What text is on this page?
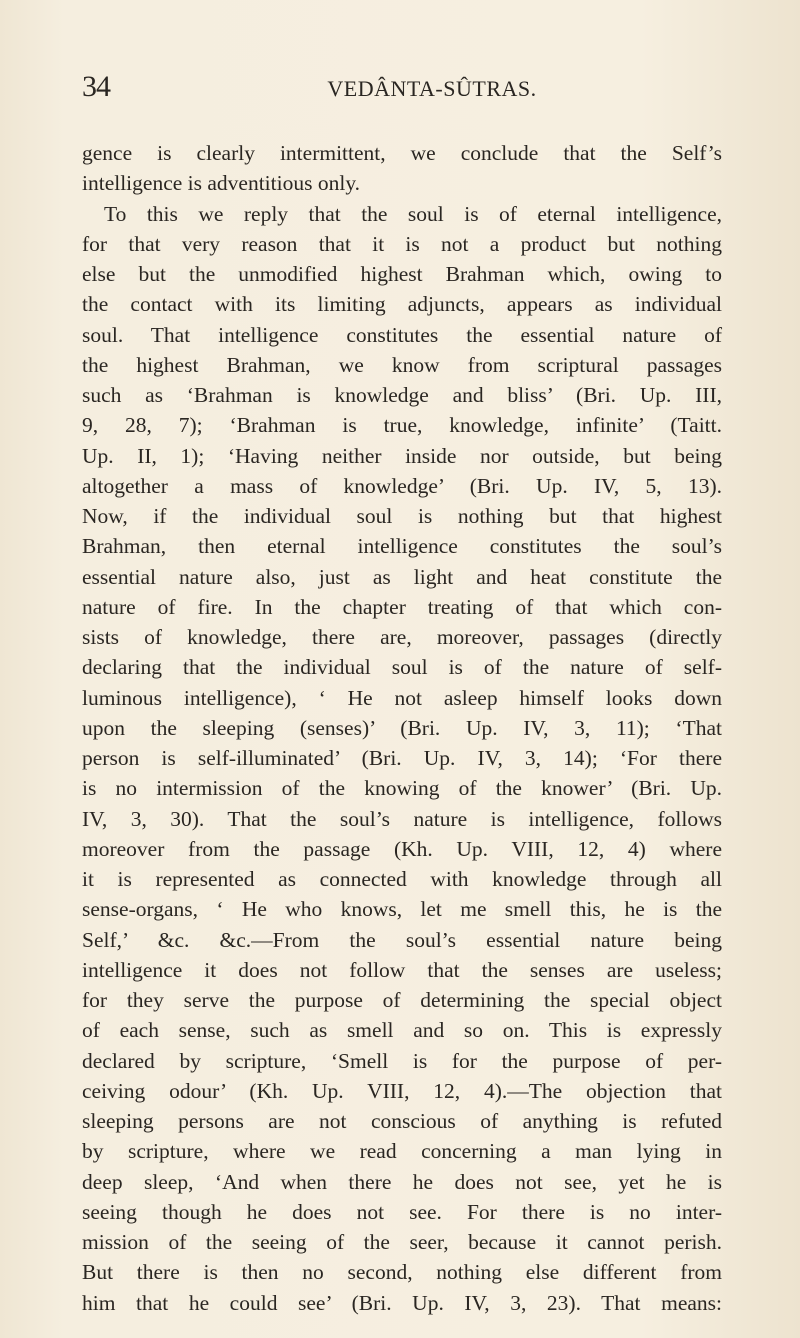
34	VEDÂNTA-SÛTRAS.
gence is clearly intermittent, we conclude that the Self’s
intelligence is adventitious only.
To this we reply that the soul is of eternal intelligence,
for that very reason that it is not a product but nothing
else but the unmodified highest Brahman which, owing to
the contact with its limiting adjuncts, appears as individual
soul. That intelligence constitutes the essential nature of
the highest Brahman, we know from scriptural passages
such as ‘Brahman is knowledge and bliss’ (Bri. Up. III,
9, 28, 7); ‘Brahman is true, knowledge, infinite’ (Taitt.
Up. II, 1); ‘Having neither inside nor outside, but being
altogether a mass of knowledge’ (Bri. Up. IV, 5, 13).
Now, if the individual soul is nothing but that highest
Brahman, then eternal intelligence constitutes the soul’s
essential nature also, just as light and heat constitute the
nature of fire. In the chapter treating of that which con-
sists of knowledge, there are, moreover, passages (directly
declaring that the individual soul is of the nature of self-
luminous intelligence), ‘ He not asleep himself looks down
upon the sleeping (senses)’ (Bri. Up. IV, 3, 11); ‘That
person is self-illuminated’ (Bri. Up. IV, 3, 14); ‘For there
is no intermission of the knowing of the knower’ (Bri. Up.
IV, 3, 30). That the soul’s nature is intelligence, follows
moreover from the passage (Kh. Up. VIII, 12, 4) where
it is represented as connected with knowledge through all
sense-organs, ‘ He who knows, let me smell this, he is the
Self,’ &c. &c.—From the soul’s essential nature being
intelligence it does not follow that the senses are useless;
for they serve the purpose of determining the special object
of each sense, such as smell and so on. This is expressly
declared by scripture, ‘Smell is for the purpose of per-
ceiving odour’ (Kh. Up. VIII, 12, 4).—The objection that
sleeping persons are not conscious of anything is refuted
by scripture, where we read concerning a man lying in
deep sleep, ‘And when there he does not see, yet he is
seeing though he does not see. For there is no inter-
mission of the seeing of the seer, because it cannot perish.
But there is then no second, nothing else different from
him that he could see’ (Bri. Up. IV, 3, 23). That means:
